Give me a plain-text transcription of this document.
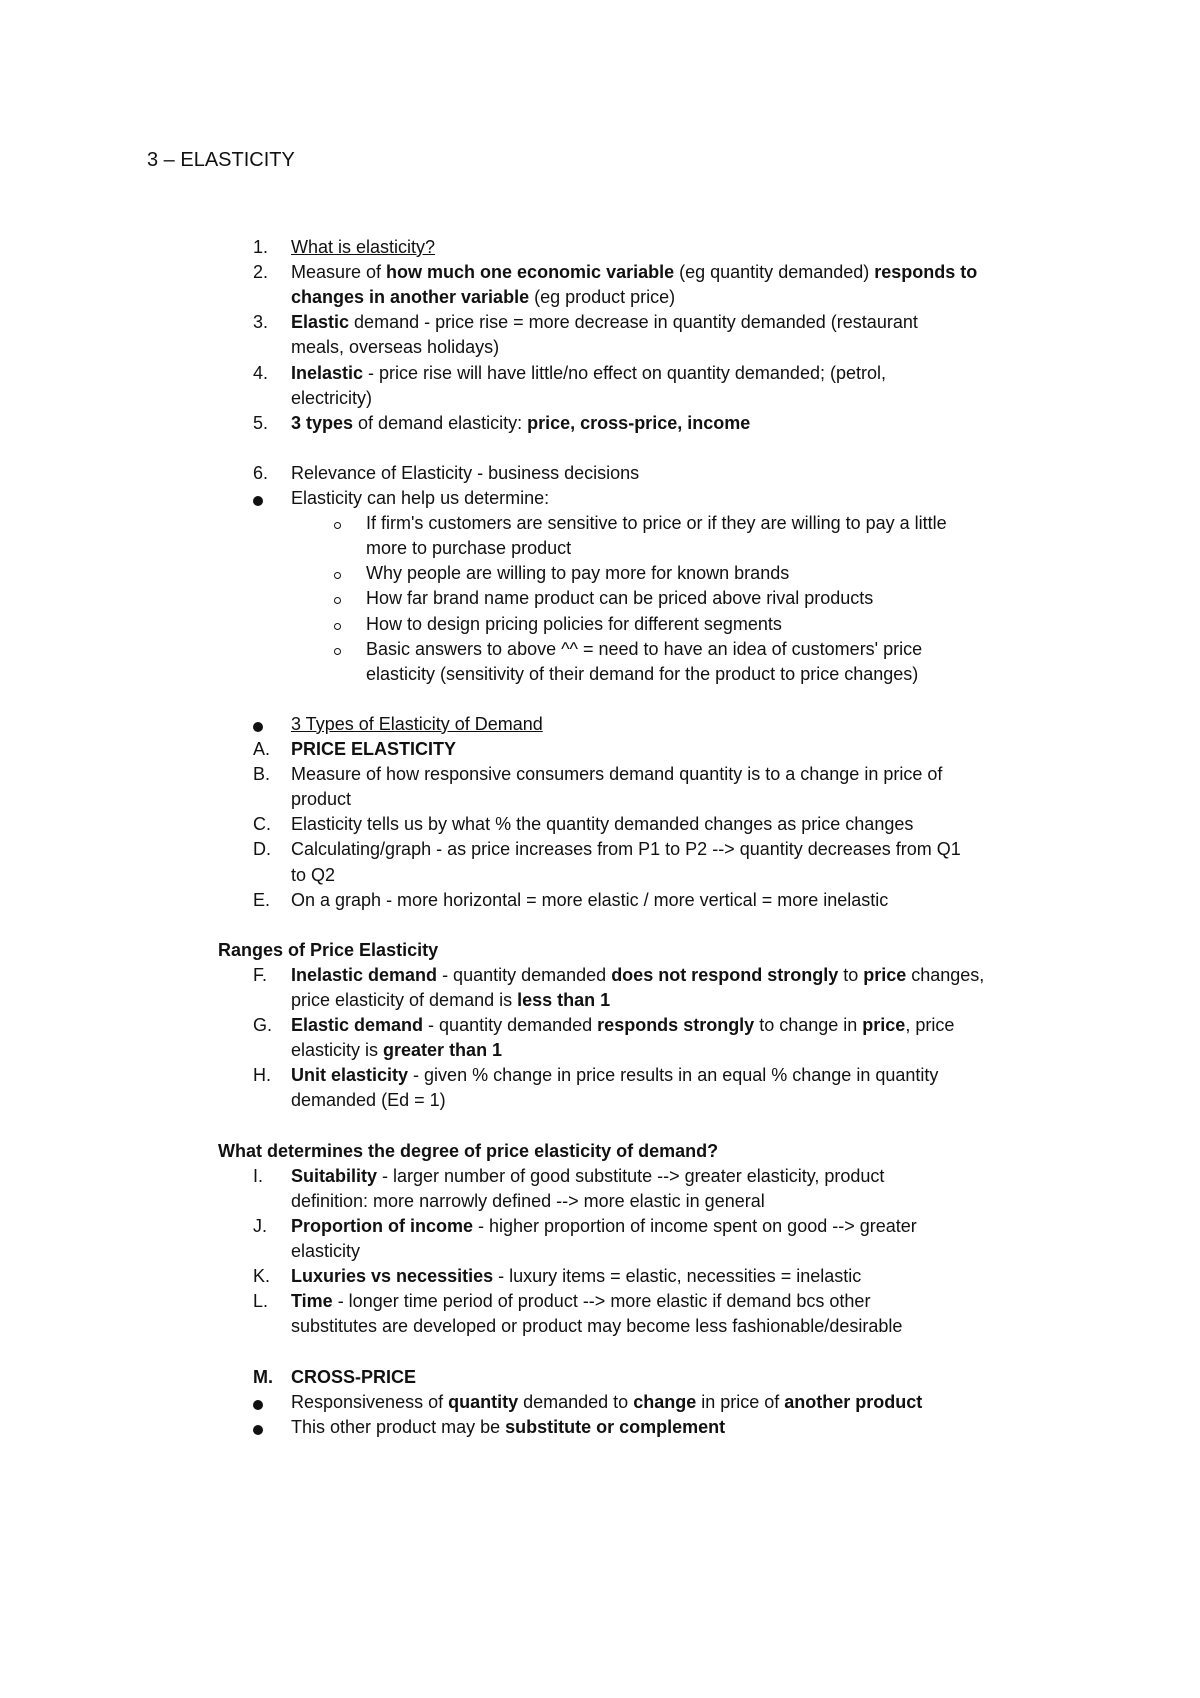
3 – ELASTICITY
1.	What is elasticity?
2.	Measure of how much one economic variable (eg quantity demanded) responds to
changes in another variable (eg product price)
3.	Elastic demand - price rise = more decrease in quantity demanded (restaurant
meals, overseas holidays)
4.	Inelastic - price rise will have little/no effect on quantity demanded; (petrol,
electricity)
5.	3 types of demand elasticity: price, cross-price, income
6.	Relevance of Elasticity - business decisions
Elasticity can help us determine:
If firm's customers are sensitive to price or if they are willing to pay a little
more to purchase product
Why people are willing to pay more for known brands
How far brand name product can be priced above rival products
How to design pricing policies for different segments
Basic answers to above ^^ = need to have an idea of customers' price
elasticity (sensitivity of their demand for the product to price changes)
3 Types of Elasticity of Demand
A.	PRICE ELASTICITY
B.	Measure of how responsive consumers demand quantity is to a change in price of
product
C.	Elasticity tells us by what % the quantity demanded changes as price changes
D.	Calculating/graph - as price increases from P1 to P2 --> quantity decreases from Q1
to Q2
E.	On a graph - more horizontal = more elastic / more vertical = more inelastic
Ranges of Price Elasticity
F.	Inelastic demand - quantity demanded does not respond strongly to price changes,
price elasticity of demand is less than 1
G.	Elastic demand - quantity demanded responds strongly to change in price, price
elasticity is greater than 1
H.	Unit elasticity - given % change in price results in an equal % change in quantity
demanded (Ed = 1)
What determines the degree of price elasticity of demand?
I.	Suitability - larger number of good substitute --> greater elasticity, product
definition: more narrowly defined --> more elastic in general
J.	Proportion of income - higher proportion of income spent on good --> greater
elasticity
K.	Luxuries vs necessities - luxury items = elastic, necessities = inelastic
L.	Time - longer time period of product --> more elastic if demand bcs other
substitutes are developed or product may become less fashionable/desirable
M.	CROSS-PRICE
Responsiveness of quantity demanded to change in price of another product
This other product may be substitute or complement
